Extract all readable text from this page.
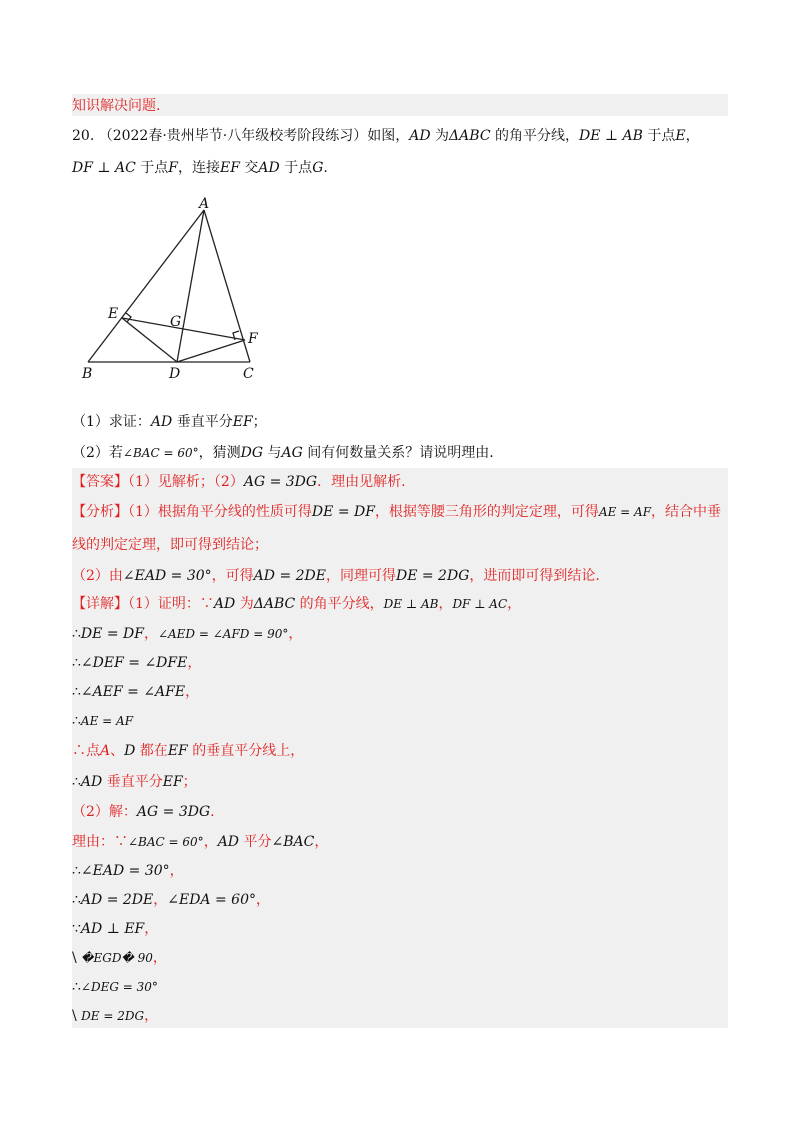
知识解决问题.
20. （2022春·贵州毕节·八年级校考阶段练习）如图，AD 为ΔABC 的角平分线，DE ⊥ AB 于点E，
DF ⊥ AC 于点F，连接EF 交AD 于点G.
A
B	C
D
E
F
G
（1）求证：AD 垂直平分EF；
（2）若∠BAC = 60°，猜测DG 与AG 间有何数量关系？请说明理由.
【答案】（1）见解析；（2）AG = 3DG．理由见解析.
【分析】（1）根据角平分线的性质可得DE = DF，根据等腰三角形的判定定理，可得AE = AF，结合中垂
线的判定定理，即可得到结论；
（2）由∠EAD = 30°，可得AD = 2DE，同理可得DE = 2DG，进而即可得到结论.
【详解】（1）证明：∵AD 为ΔABC 的角平分线，DE ⊥ AB，DF ⊥ AC，
∴DE = DF，∠AED = ∠AFD = 90°，
∴∠DEF = ∠DFE，
∴∠AEF = ∠AFE，
∴AE = AF
∴点A、D 都在EF 的垂直平分线上，
∴AD 垂直平分EF；
（2）解：AG = 3DG.
理由：∵∠BAC = 60°，AD 平分∠BAC，
∴∠EAD = 30°，
∴AD = 2DE，∠EDA = 60°，
∵AD ⊥ EF，
\ �EGD� 90，
∴∠DEG = 30°
\ DE = 2DG，
